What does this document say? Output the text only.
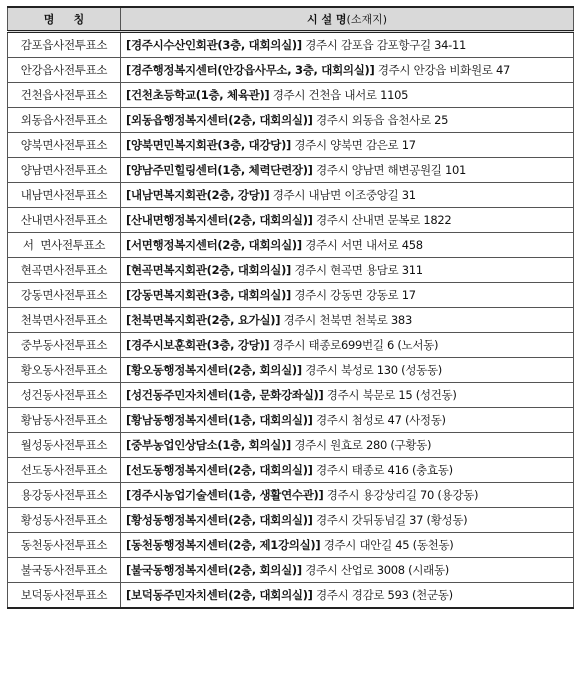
명     칭	시 설 명(소재지)
감포읍사전투표소	[경주시수산인회관(3층, 대회의실)] 경주시 감포읍 감포항구길 34-11
안강읍사전투표소	[경주행정복지센터(안강읍사무소, 3층, 대회의실)] 경주시 안강읍 비화원로 47
건천읍사전투표소	[건천초등학교(1층, 체육관)] 경주시 건천읍 내서로 1105
외동읍사전투표소	[외동읍행정복지센터(2층, 대회의실)] 경주시 외동읍 읍천사로 25
양북면사전투표소	[양북면민복지회관(3층, 대강당)] 경주시 양북면 감은로 17
양남면사전투표소	[양남주민힐링센터(1층, 체력단련장)] 경주시 양남면 해변공원길 101
내남면사전투표소	[내남면복지회관(2층, 강당)] 경주시 내남면 이조중앙길 31
산내면사전투표소	[산내면행정복지센터(2층, 대회의실)] 경주시 산내면 문복로 1822
서  면사전투표소	[서면행정복지센터(2층, 대회의실)] 경주시 서면 내서로 458
현곡면사전투표소	[현곡면복지회관(2층, 대회의실)] 경주시 현곡면 용담로 311
강동면사전투표소	[강동면복지회관(3층, 대회의실)] 경주시 강동면 강동로 17
천북면사전투표소	[천북면복지회관(2층, 요가실)] 경주시 천북면 천북로 383
중부동사전투표소	[경주시보훈회관(3층, 강당)] 경주시 태종로699번길 6 (노서동)
황오동사전투표소	[황오동행정복지센터(2층, 회의실)] 경주시 북성로 130 (성동동)
성건동사전투표소	[성건동주민자치센터(1층, 문화강좌실)] 경주시 북문로 15 (성건동)
황남동사전투표소	[황남동행정복지센터(1층, 대회의실)] 경주시 첨성로 47 (사정동)
월성동사전투표소	[중부농업인상담소(1층, 회의실)] 경주시 원효로 280 (구황동)
선도동사전투표소	[선도동행정복지센터(2층, 대회의실)] 경주시 태종로 416 (충효동)
용강동사전투표소	[경주시농업기술센터(1층, 생활연수관)] 경주시 용강상리길 70 (용강동)
황성동사전투표소	[황성동행정복지센터(2층, 대회의실)] 경주시 갓뒤동넘길 37 (황성동)
동천동사전투표소	[동천동행정복지센터(2층, 제1강의실)] 경주시 대안길 45 (동천동)
불국동사전투표소	[불국동행정복지센터(2층, 회의실)] 경주시 산업로 3008 (시래동)
보덕동사전투표소	[보덕동주민자치센터(2층, 대회의실)] 경주시 경감로 593 (천군동)
